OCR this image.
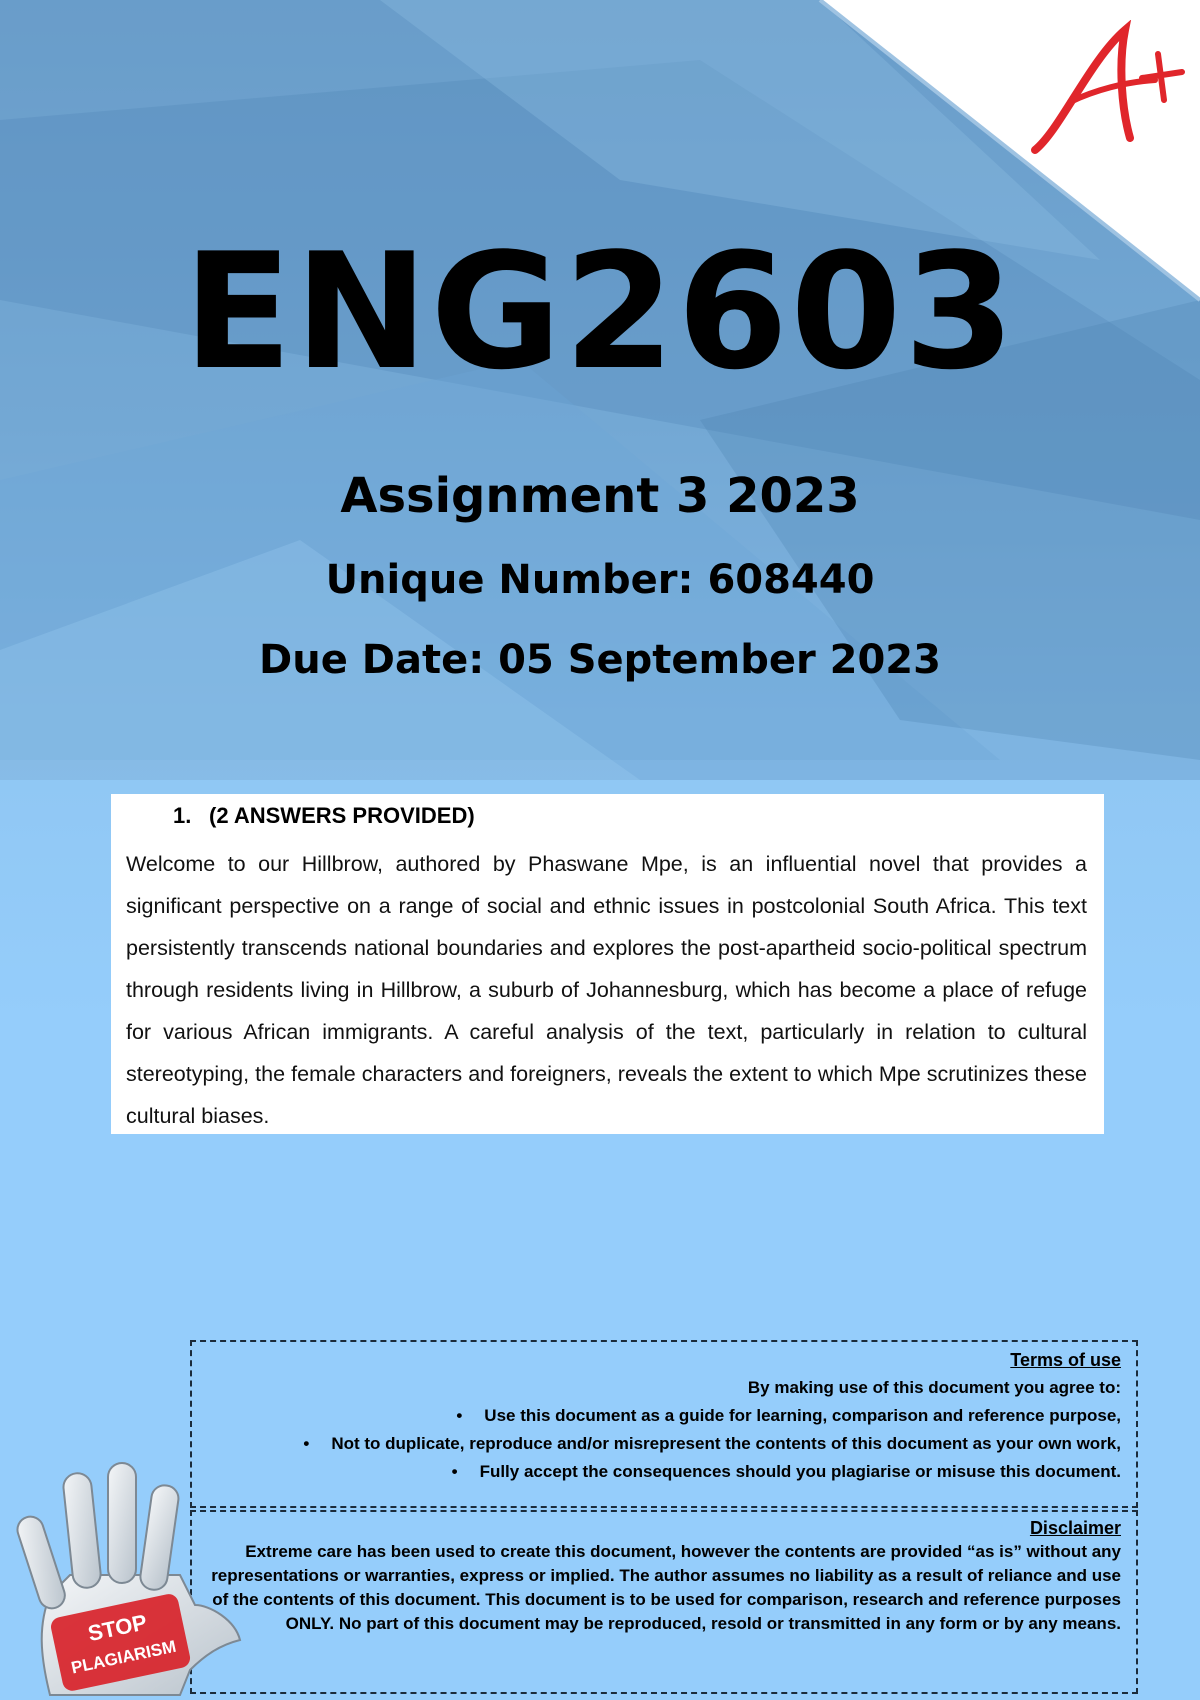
ENG2603
Assignment 3 2023
Unique Number: 608440
Due Date: 05 September 2023
1. (2 ANSWERS PROVIDED)

Welcome to our Hillbrow, authored by Phaswane Mpe, is an influential novel that provides a significant perspective on a range of social and ethnic issues in postcolonial South Africa. This text persistently transcends national boundaries and explores the post-apartheid socio-political spectrum through residents living in Hillbrow, a suburb of Johannesburg, which has become a place of refuge for various African immigrants. A careful analysis of the text, particularly in relation to cultural stereotyping, the female characters and foreigners, reveals the extent to which Mpe scrutinizes these cultural biases.

Terms of use
By making use of this document you agree to:
• Use this document as a guide for learning, comparison and reference purpose,
• Not to duplicate, reproduce and/or misrepresent the contents of this document as your own work,
• Fully accept the consequences should you plagiarise or misuse this document.
Disclaimer
Extreme care has been used to create this document, however the contents are provided “as is” without any representations or warranties, express or implied. The author assumes no liability as a result of reliance and use of the contents of this document. This document is to be used for comparison, research and reference purposes ONLY. No part of this document may be reproduced, resold or transmitted in any form or by any means.
STOP
PLAGIARISM
